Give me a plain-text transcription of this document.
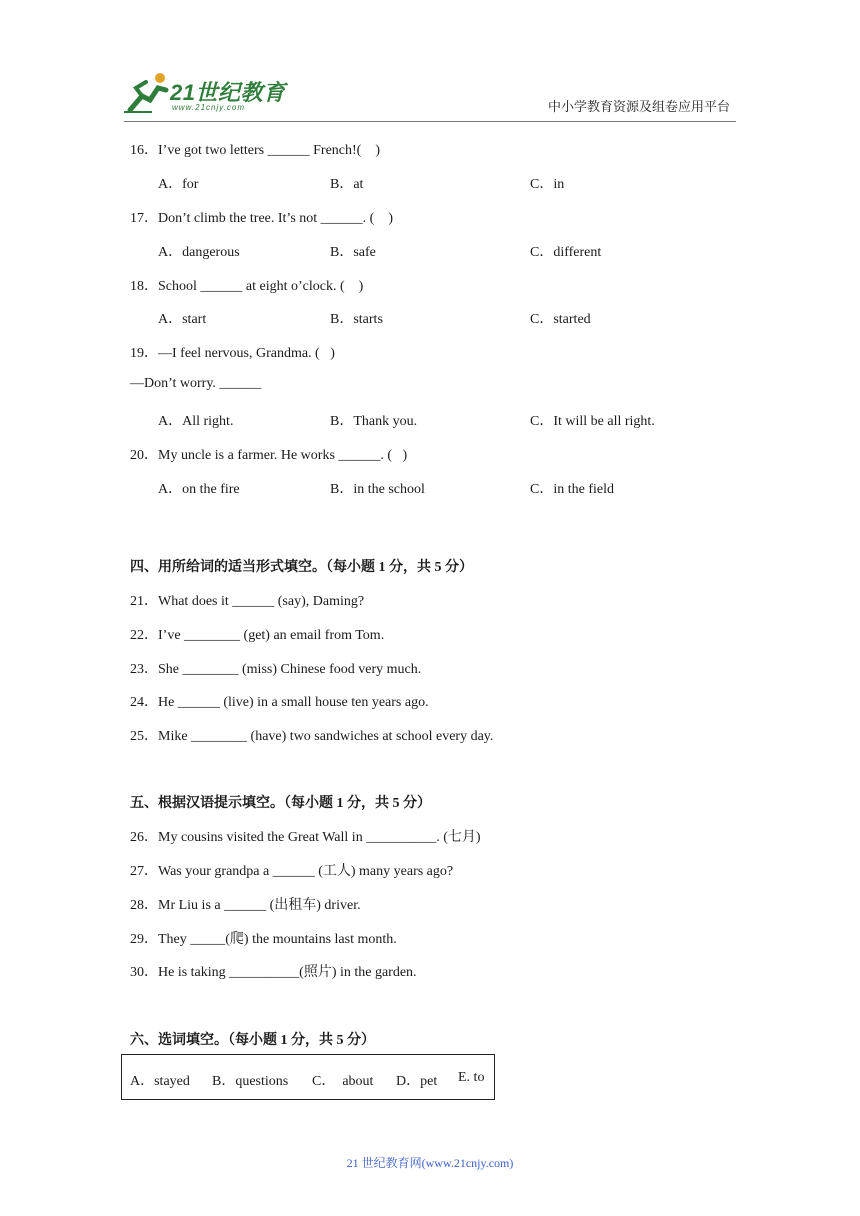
21世纪教育
www.21cnjy.com	中小学教育资源及组卷应用平台
16．I’ve got two letters ______ French!(    )
A．for	B．at	C．in
17．Don’t climb the tree. It’s not ______. (    )
A．dangerous	B．safe	C．different
18．School ______ at eight o’clock. (    )
A．start	B．starts	C．started
19．—I feel nervous, Grandma. (   )
—Don’t worry. ______
A．All right.	B．Thank you.	C．It will be all right.
20．My uncle is a farmer. He works ______. (   )
A．on the fire	B．in the school	C．in the field
四、用所给词的适当形式填空。（每小题 1 分，共 5 分）
21．What does it ______ (say), Daming?
22．I’ve ________ (get) an email from Tom.
23．She ________ (miss) Chinese food very much.
24．He ______ (live) in a small house ten years ago.
25．Mike ________ (have) two sandwiches at school every day.
五、根据汉语提示填空。（每小题 1 分，共 5 分）
26．My cousins visited the Great Wall in __________. (七月)
27．Was your grandpa a ______ (工人) many years ago?
28．Mr Liu is a ______ (出租车) driver.
29．They _____(爬) the mountains last month.
30．He is taking __________(照片) in the garden.
六、选词填空。（每小题 1 分，共 5 分）
A．stayed B．questions C．  about D．pet E. to
21 世纪教育网(www.21cnjy.com)
